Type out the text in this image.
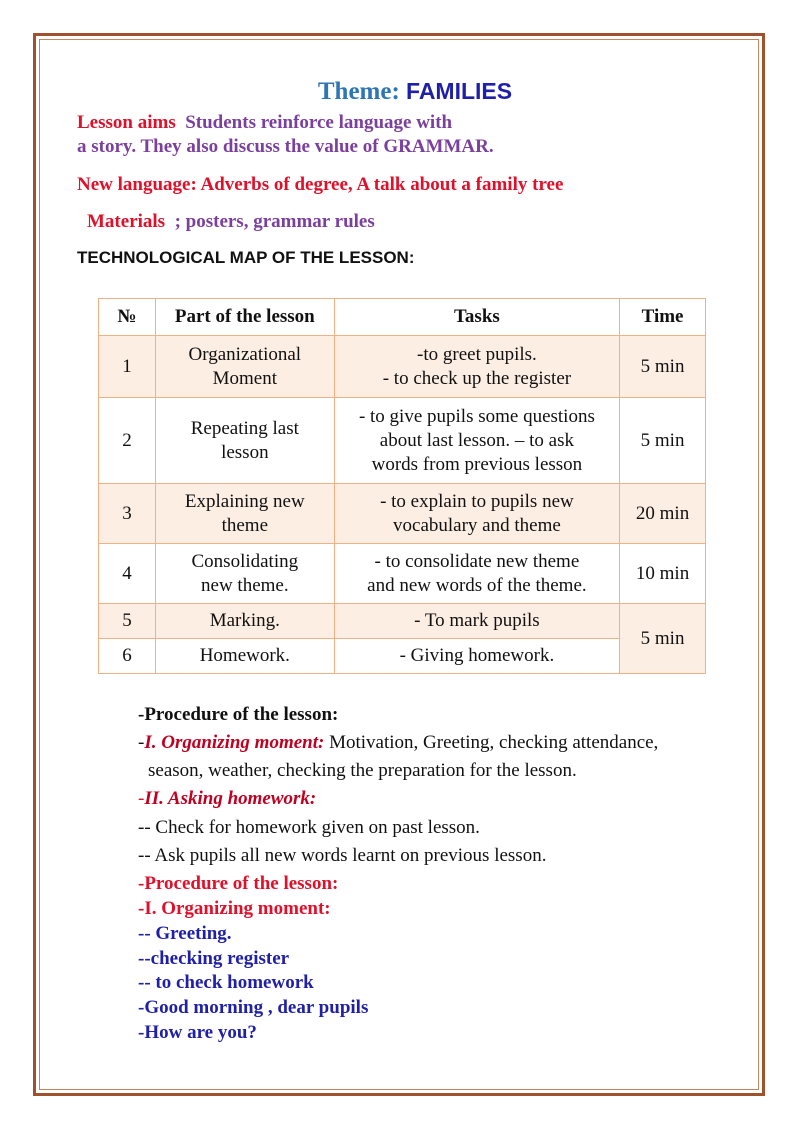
Theme: FAMILIES
Lesson aims Students reinforce language with
a story. They also discuss the value of GRAMMAR.
New language: Adverbs of degree, A talk about a family tree
Materials ; posters, grammar rules
TECHNOLOGICAL MAP OF THE LESSON:
№	Part of the lesson	Tasks	Time
1	Organizational
Moment	-to greet pupils.
- to check up the register	5 min
2	Repeating last
lesson	- to give pupils some questions
about last lesson. – to ask
words from previous lesson	5 min
3	Explaining new
theme	- to explain to pupils new
vocabulary and theme	20 min
4	Consolidating
new theme.	- to consolidate new theme
and new words of the theme.	10 min
5	Marking.	- To mark pupils	5 min
6	Homework.	- Giving homework.	
-Procedure of the lesson:
-I. Organizing moment: Motivation, Greeting, checking attendance,
season, weather, checking the preparation for the lesson.
-II. Asking homework:
-- Check for homework given on past lesson.
-- Ask pupils all new words learnt on previous lesson.
-Procedure of the lesson:
-I. Organizing moment:
-- Greeting.
--checking register
-- to check homework
-Good morning , dear pupils
-How are you?
